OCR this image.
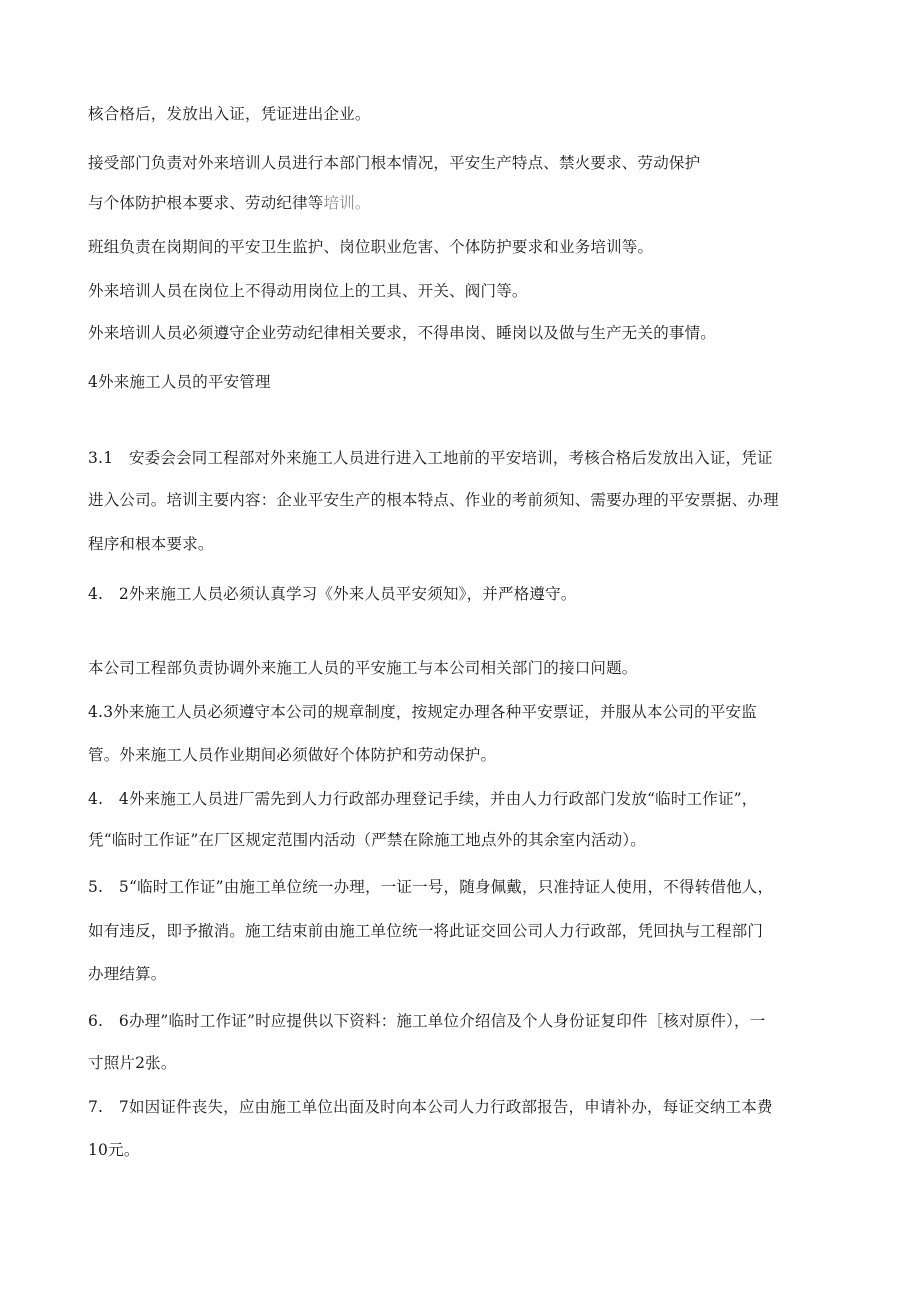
核合格后，发放出入证，凭证进出企业。

接受部门负责对外来培训人员进行本部门根本情况，平安生产特点、禁火要求、劳动保护

与个体防护根本要求、劳动纪律等培训。

班组负责在岗期间的平安卫生监护、岗位职业危害、个体防护要求和业务培训等。

外来培训人员在岗位上不得动用岗位上的工具、开关、阀门等。

外来培训人员必须遵守企业劳动纪律相关要求，不得串岗、睡岗以及做与生产无关的事情。

4外来施工人员的平安管理

3.1　安委会会同工程部对外来施工人员进行进入工地前的平安培训，考核合格后发放出入证，凭证

进入公司。培训主要内容：企业平安生产的根本特点、作业的考前须知、需要办理的平安票据、办理

程序和根本要求。

4.　2外来施工人员必须认真学习《外来人员平安须知》，并严格遵守。

本公司工程部负责协调外来施工人员的平安施工与本公司相关部门的接口问题。

4.3外来施工人员必须遵守本公司的规章制度，按规定办理各种平安票证，并服从本公司的平安监

管。外来施工人员作业期间必须做好个体防护和劳动保护。

4.　4外来施工人员进厂需先到人力行政部办理登记手续，并由人力行政部门发放“临时工作证”，

凭“临时工作证”在厂区规定范围内活动（严禁在除施工地点外的其余室内活动）。

5.　5“临时工作证”由施工单位统一办理，一证一号，随身佩戴，只准持证人使用，不得转借他人，

如有违反，即予撤消。施工结束前由施工单位统一将此证交回公司人力行政部，凭回执与工程部门

办理结算。

6.　6办理”临时工作证”时应提供以下资料：施工单位介绍信及个人身份证复印件［核对原件），一

寸照片2张。

7.　7如因证件丧失，应由施工单位出面及时向本公司人力行政部报告，申请补办，每证交纳工本费

10元。
